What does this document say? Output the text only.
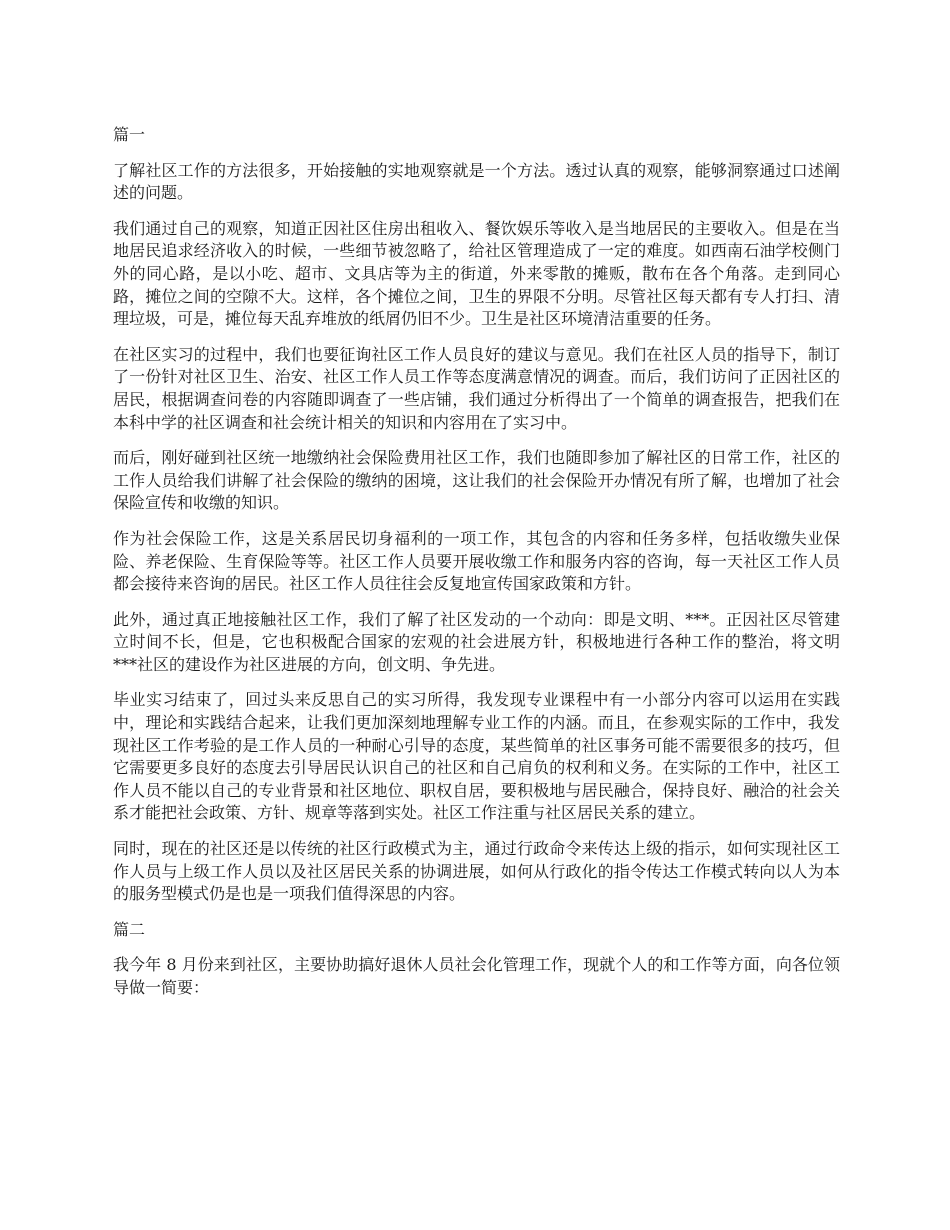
篇一

了解社区工作的方法很多，开始接触的实地观察就是一个方法。透过认真的观察，能够洞察通过口述阐述的问题。

我们通过自己的观察，知道正因社区住房出租收入、餐饮娱乐等收入是当地居民的主要收入。但是在当地居民追求经济收入的时候，一些细节被忽略了，给社区管理造成了一定的难度。如西南石油学校侧门外的同心路，是以小吃、超市、文具店等为主的街道，外来零散的摊贩，散布在各个角落。走到同心路，摊位之间的空隙不大。这样，各个摊位之间，卫生的界限不分明。尽管社区每天都有专人打扫、清理垃圾，可是，摊位每天乱弃堆放的纸屑仍旧不少。卫生是社区环境清洁重要的任务。

在社区实习的过程中，我们也要征询社区工作人员良好的建议与意见。我们在社区人员的指导下，制订了一份针对社区卫生、治安、社区工作人员工作等态度满意情况的调查。而后，我们访问了正因社区的居民，根据调查问卷的内容随即调查了一些店铺，我们通过分析得出了一个简单的调查报告，把我们在本科中学的社区调查和社会统计相关的知识和内容用在了实习中。

而后，刚好碰到社区统一地缴纳社会保险费用社区工作，我们也随即参加了解社区的日常工作，社区的工作人员给我们讲解了社会保险的缴纳的困境，这让我们的社会保险开办情况有所了解，也增加了社会保险宣传和收缴的知识。

作为社会保险工作，这是关系居民切身福利的一项工作，其包含的内容和任务多样，包括收缴失业保险、养老保险、生育保险等等。社区工作人员要开展收缴工作和服务内容的咨询，每一天社区工作人员都会接待来咨询的居民。社区工作人员往往会反复地宣传国家政策和方针。

此外，通过真正地接触社区工作，我们了解了社区发动的一个动向：即是文明、***。正因社区尽管建立时间不长，但是，它也积极配合国家的宏观的社会进展方针，积极地进行各种工作的整治，将文明***社区的建设作为社区进展的方向，创文明、争先进。

毕业实习结束了，回过头来反思自己的实习所得，我发现专业课程中有一小部分内容可以运用在实践中，理论和实践结合起来，让我们更加深刻地理解专业工作的内涵。而且，在参观实际的工作中，我发现社区工作考验的是工作人员的一种耐心引导的态度，某些简单的社区事务可能不需要很多的技巧，但它需要更多良好的态度去引导居民认识自己的社区和自己肩负的权利和义务。在实际的工作中，社区工作人员不能以自己的专业背景和社区地位、职权自居，要积极地与居民融合，保持良好、融洽的社会关系才能把社会政策、方针、规章等落到实处。社区工作注重与社区居民关系的建立。

同时，现在的社区还是以传统的社区行政模式为主，通过行政命令来传达上级的指示，如何实现社区工作人员与上级工作人员以及社区居民关系的协调进展，如何从行政化的指令传达工作模式转向以人为本的服务型模式仍是也是一项我们值得深思的内容。

篇二

我今年 8 月份来到社区，主要协助搞好退休人员社会化管理工作，现就个人的和工作等方面，向各位领导做一简要：
